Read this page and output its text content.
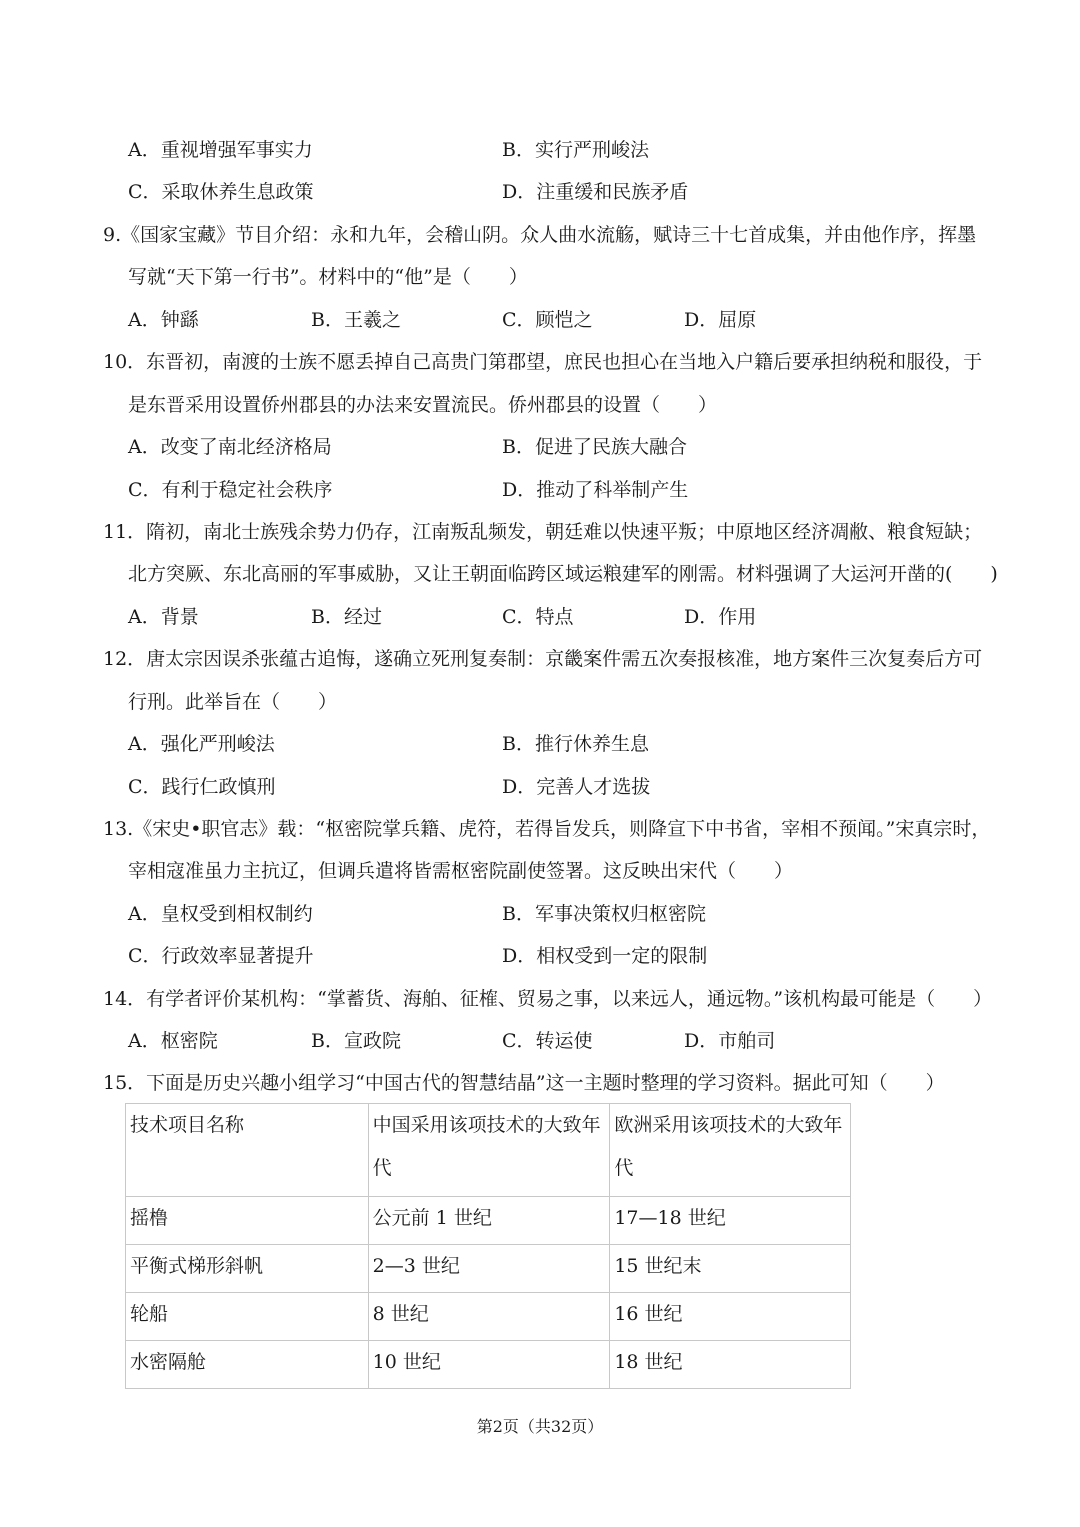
A．重视增强军事实力	B．实行严刑峻法
C．采取休养生息政策	D．注重缓和民族矛盾
9.《国家宝藏》节目介绍：永和九年，会稽山阴。众人曲水流觞，赋诗三十七首成集，并由他作序，挥墨
写就“天下第一行书”。材料中的“他”是（　　）
A．钟繇	B．王羲之	C．顾恺之	D．屈原
10．东晋初，南渡的士族不愿丢掉自己高贵门第郡望，庶民也担心在当地入户籍后要承担纳税和服役，于
是东晋采用设置侨州郡县的办法来安置流民。侨州郡县的设置（　　）
A．改变了南北经济格局	B．促进了民族大融合
C．有利于稳定社会秩序	D．推动了科举制产生
11．隋初，南北士族残余势力仍存，江南叛乱频发，朝廷难以快速平叛；中原地区经济凋敝、粮食短缺；
北方突厥、东北高丽的军事威胁，又让王朝面临跨区域运粮建军的刚需。材料强调了大运河开凿的(　　)
A．背景	B．经过	C．特点	D．作用
12．唐太宗因误杀张蕴古追悔，遂确立死刑复奏制：京畿案件需五次奏报核准，地方案件三次复奏后方可
行刑。此举旨在（　　）
A．强化严刑峻法	B．推行休养生息
C．践行仁政慎刑	D．完善人才选拔
13.《宋史•职官志》载：“枢密院掌兵籍、虎符，若得旨发兵，则降宣下中书省，宰相不预闻。”宋真宗时，
宰相寇准虽力主抗辽，但调兵遣将皆需枢密院副使签署。这反映出宋代（　　）
A．皇权受到相权制约	B．军事决策权归枢密院
C．行政效率显著提升	D．相权受到一定的限制
14．有学者评价某机构：“掌蓄货、海舶、征榷、贸易之事，以来远人，通远物。”该机构最可能是（　　）
A．枢密院	B．宣政院	C．转运使	D．市舶司
15．下面是历史兴趣小组学习“中国古代的智慧结晶”这一主题时整理的学习资料。据此可知（　　）
技术项目名称	中国采用该项技术的大致年代	欧洲采用该项技术的大致年代
摇橹	公元前 1 世纪	17—18 世纪
平衡式梯形斜帆	2—3 世纪	15 世纪末
轮船	8 世纪	16 世纪
水密隔舱	10 世纪	18 世纪
第2页（共32页）
